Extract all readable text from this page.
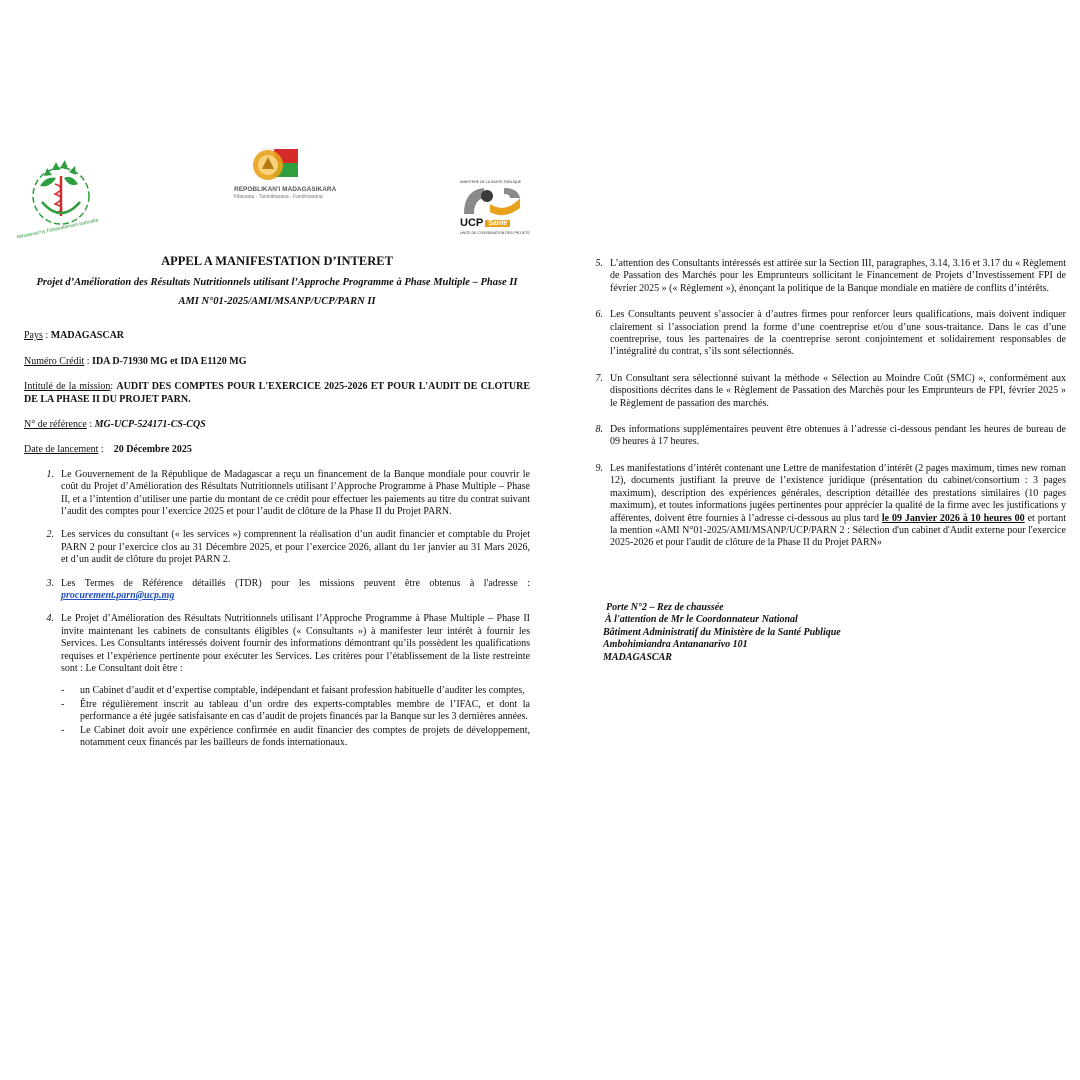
Ministeran'ny Fahasalamam-bahoaka
REPOBLIKAN'I MADAGASIKARA
Fitiavana - Tanindrazana - Fandrosoana
MINISTERE DE LA SANTE PUBLIQUE
UCP Santé
UNITE DE COORDINATION DES PROJETS
APPEL A MANIFESTATION D’INTERET
Projet d’Amélioration des Résultats Nutritionnels utilisant l’Approche Programme à Phase Multiple – Phase II
AMI N°01-2025/AMI/MSANP/UCP/PARN II
Pays : MADAGASCAR
Numéro Crédit : IDA D-71930 MG et IDA E1120 MG
Intitulé de la mission: AUDIT DES COMPTES POUR L'EXERCICE 2025-2026 ET POUR L'AUDIT DE CLOTURE DE LA PHASE II DU PROJET PARN.
N° de référence : MG-UCP-524171-CS-CQS
Date de lancement :    20 Décembre 2025
1. Le Gouvernement de la République de Madagascar a reçu un financement de la Banque mondiale pour couvrir le coût du Projet d’Amélioration des Résultats Nutritionnels utilisant l’Approche Programme à Phase Multiple – Phase II, et a l’intention d’utiliser une partie du montant de ce crédit pour effectuer les paiements au titre du contrat suivant l’audit des comptes pour l’exercice 2025 et pour l’audit de clôture de la Phase II du Projet PARN.
2. Les services du consultant (« les services ») comprennent la réalisation d’un audit financier et comptable du Projet PARN 2 pour l’exercice clos au 31 Décembre 2025, et pour l’exercice 2026, allant du 1er janvier au 31 Mars 2026, et d’un audit de clôture du projet PARN 2.
3. Les Termes de Référence détaillés (TDR) pour les missions peuvent être obtenus à l'adresse : procurement.parn@ucp.mg
4. Le Projet d’Amélioration des Résultats Nutritionnels utilisant l’Approche Programme à Phase Multiple – Phase II invite maintenant les cabinets de consultants éligibles (« Consultants ») à manifester leur intérêt à fournir les Services. Les Consultants intéressés doivent fournir des informations démontrant qu’ils possèdent les qualifications requises et l’expérience pertinente pour exécuter les Services. Les critères pour l’établissement de la liste restreinte sont : Le Consultant doit être :
-	un Cabinet d’audit et d’expertise comptable, indépendant et faisant profession habituelle d’auditer les comptes,
-	Être régulièrement inscrit au tableau d’un ordre des experts-comptables membre de l’IFAC, et dont la performance a été jugée satisfaisante en cas d’audit de projets financés par la Banque sur les 3 dernières années.
-	Le Cabinet doit avoir une expérience confirmée en audit financier des comptes de projets de développement, notamment ceux financés par les bailleurs de fonds internationaux.
5. L’attention des Consultants intéressés est attirée sur la Section III, paragraphes, 3.14, 3.16 et 3.17 du « Règlement de Passation des Marchés pour les Emprunteurs sollicitant le Financement de Projets d’Investissement FPI de février 2025 » (« Règlement »), énonçant la politique de la Banque mondiale en matière de conflits d’intérêts.
6. Les Consultants peuvent s’associer à d’autres firmes pour renforcer leurs qualifications, mais doivent indiquer clairement si l’association prend la forme d’une coentreprise et/ou d’une sous-traitance. Dans le cas d’une coentreprise, tous les partenaires de la coentreprise seront conjointement et solidairement responsables de l’intégralité du contrat, s’ils sont sélectionnés.
7. Un Consultant sera sélectionné suivant la méthode « Sélection au Moindre Coût (SMC) », conformément aux dispositions décrites dans le « Règlement de Passation des Marchés pour les Emprunteurs de FPI, février 2025 » le Règlement de passation des marchés.
8. Des informations supplémentaires peuvent être obtenues à l’adresse ci-dessous pendant les heures de bureau de 09 heures à 17 heures.
9. Les manifestations d’intérêt contenant une Lettre de manifestation d’intérêt (2 pages maximum, times new roman 12), documents justifiant la preuve de l’existence juridique (présentation du cabinet/consortium : 3 pages maximum), description des expériences générales, description détaillée des prestations similaires (10 pages maximum), et toutes informations jugées pertinentes pour apprécier la qualité de la firme avec les justifications y afférentes, doivent être fournies à l’adresse ci-dessous au plus tard le 09 Janvier 2026 à 10 heures 00 et portant la mention «AMI N°01-2025/AMI/MSANP/UCP/PARN 2 : Sélection d'un cabinet d'Audit externe pour l'exercice 2025-2026 et pour l'audit de clôture de la Phase II du Projet PARN»
Porte N°2 – Rez de chaussée
À l'attention de Mr le Coordonnateur National
Bâtiment Administratif du Ministère de la Santé Publique
Ambohimiandra Antananarivo 101
MADAGASCAR
